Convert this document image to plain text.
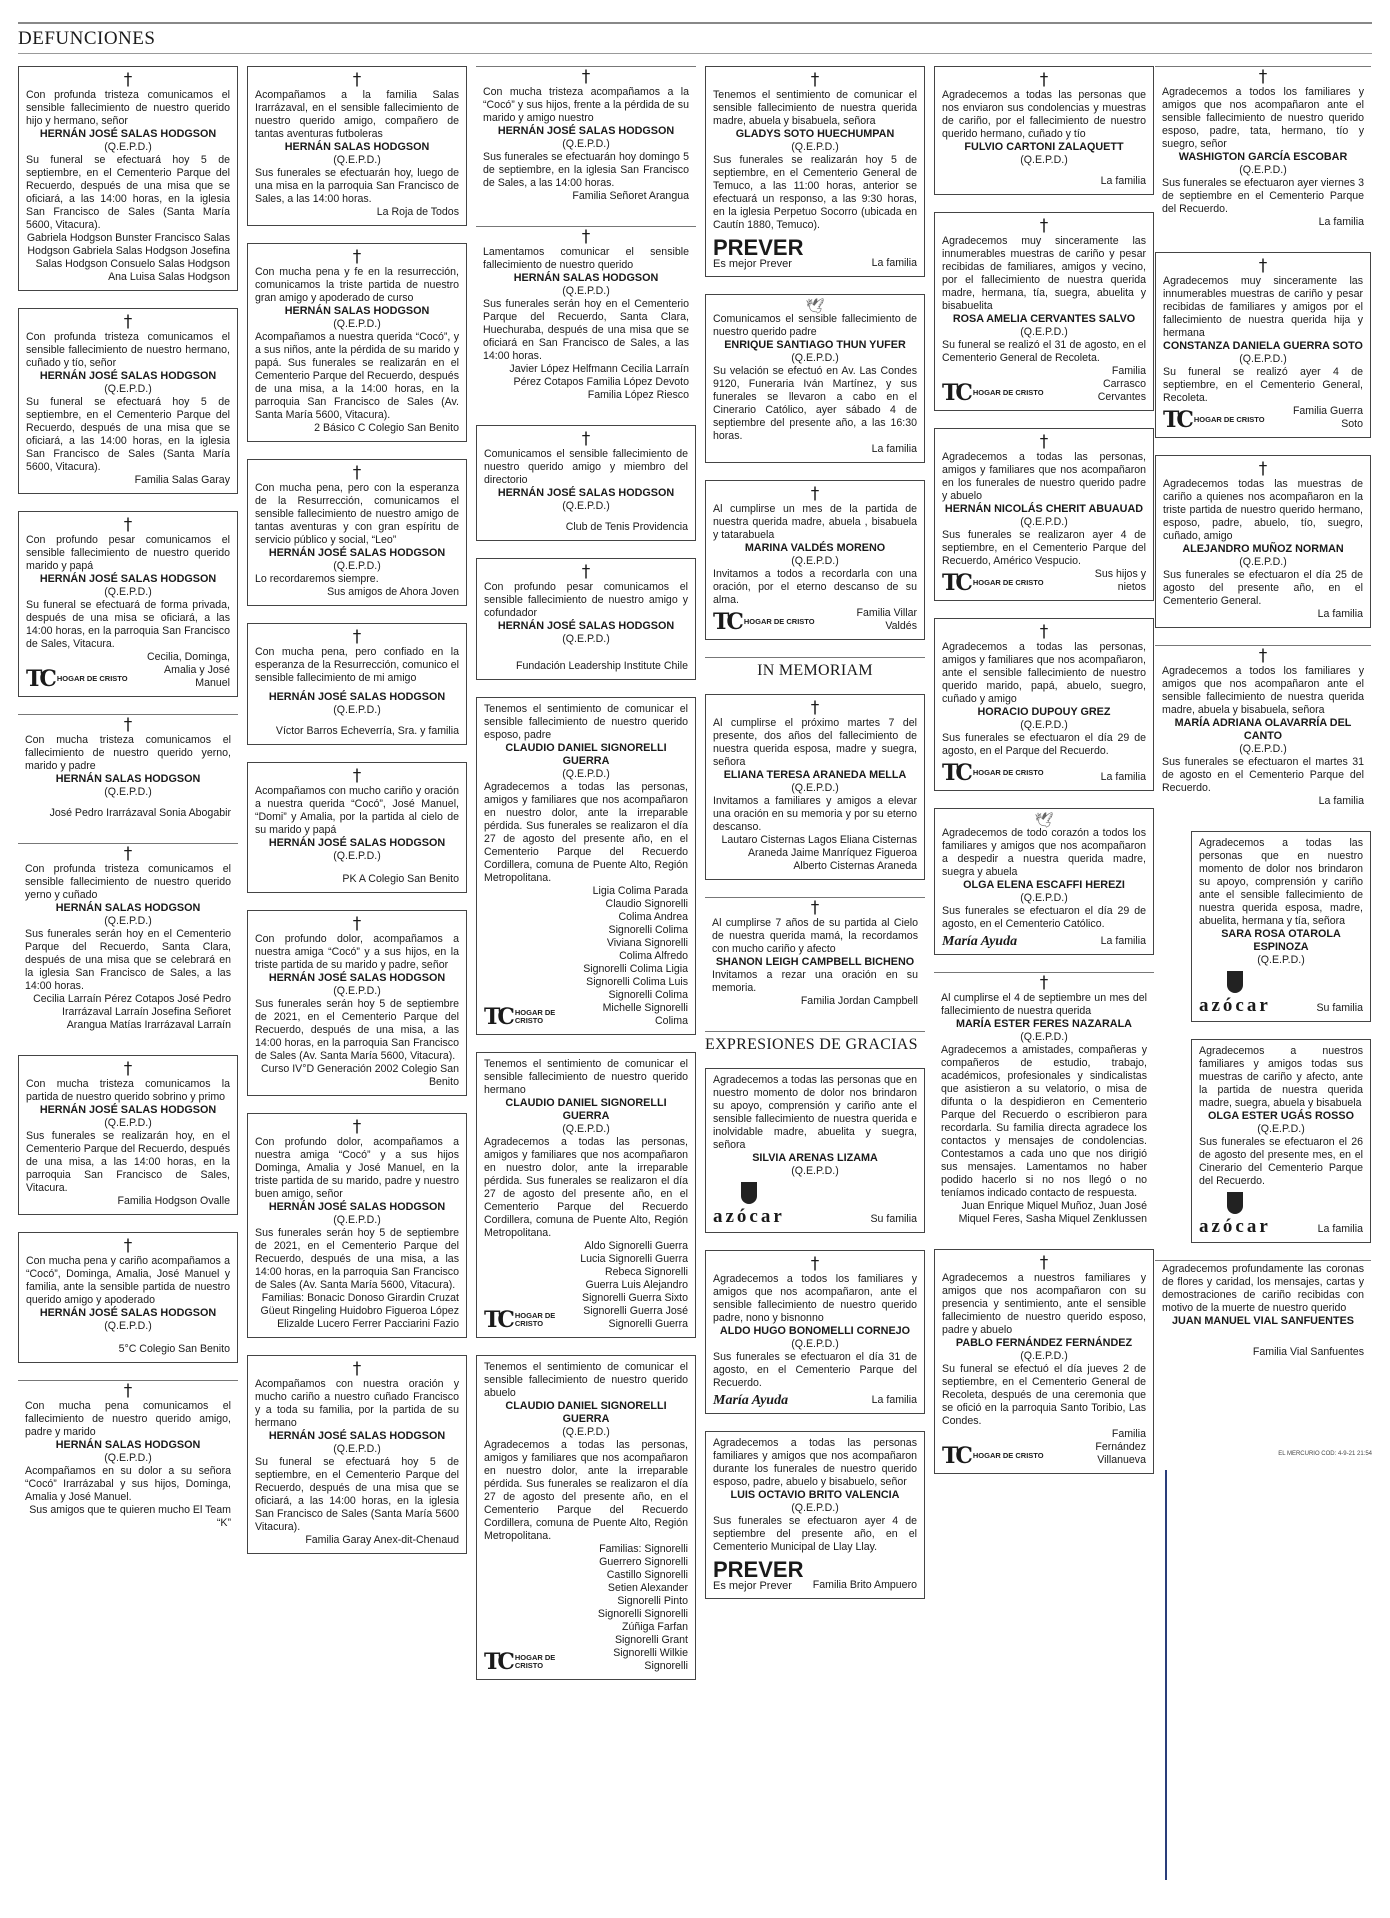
DEFUNCIONES
†
Con profunda tristeza comunicamos el sensible fallecimiento de nuestro querido hijo y hermano, señor
HERNÁN JOSÉ SALAS HODGSON
(Q.E.P.D.)
Su funeral se efectuará hoy 5 de septiembre, en el Cementerio Parque del Recuerdo, después de una misa que se oficiará, a las 14:00 horas, en la iglesia San Francisco de Sales (Santa María 5600, Vitacura).
Gabriela Hodgson Bunster Francisco Salas Hodgson Gabriela Salas Hodgson Josefina Salas Hodgson Consuelo Salas Hodgson Ana Luisa Salas Hodgson
†
Con profunda tristeza comunicamos el sensible fallecimiento de nuestro hermano, cuñado y tío, señor
HERNÁN JOSÉ SALAS HODGSON
(Q.E.P.D.)
Su funeral se efectuará hoy 5 de septiembre, en el Cementerio Parque del Recuerdo, después de una misa que se oficiará, a las 14:00 horas, en la iglesia San Francisco de Sales (Santa María 5600, Vitacura).
Familia Salas Garay
†
Con profundo pesar comunicamos el sensible fallecimiento de nuestro querido marido y papá
HERNÁN JOSÉ SALAS HODGSON
(Q.E.P.D.)
Su funeral se efectuará de forma privada, después de una misa se oficiará, a las 14:00 horas, en la parroquia San Francisco de Sales, Vitacura.
TC HOGAR DE CRISTO
Cecilia, Dominga, Amalia y José Manuel
†
Con mucha tristeza comunicamos el fallecimiento de nuestro querido yerno, marido y padre
HERNÁN SALAS HODGSON
(Q.E.P.D.)
José Pedro Irarrázaval Sonia Abogabir
†
Con profunda tristeza comunicamos el sensible fallecimiento de nuestro querido yerno y cuñado
HERNÁN SALAS HODGSON
(Q.E.P.D.)
Sus funerales serán hoy en el Cementerio Parque del Recuerdo, Santa Clara, después de una misa que se celebrará en la iglesia San Francisco de Sales, a las 14:00 horas.
Cecilia Larraín Pérez Cotapos José Pedro Irarrázaval Larraín Josefina Señoret Arangua Matías Irarrázaval Larraín
†
Con mucha tristeza comunicamos la partida de nuestro querido sobrino y primo
HERNÁN JOSÉ SALAS HODGSON
(Q.E.P.D.)
Sus funerales se realizarán hoy, en el Cementerio Parque del Recuerdo, después de una misa, a las 14:00 horas, en la parroquia San Francisco de Sales, Vitacura.
Familia Hodgson Ovalle
†
Con mucha pena y cariño acompañamos a “Cocó”, Dominga, Amalia, José Manuel y familia, ante la sensible partida de nuestro querido amigo y apoderado
HERNÁN JOSÉ SALAS HODGSON
(Q.E.P.D.)
5°C Colegio San Benito
†
Con mucha pena comunicamos el fallecimiento de nuestro querido amigo, padre y marido
HERNÁN SALAS HODGSON
(Q.E.P.D.)
Acompañamos en su dolor a su señora “Cocó” Irarrázabal y sus hijos, Dominga, Amalia y José Manuel.
Sus amigos que te quieren mucho El Team “K”
†
Acompañamos a la familia Salas Irarrázaval, en el sensible fallecimiento de nuestro querido amigo, compañero de tantas aventuras futboleras
HERNÁN SALAS HODGSON
(Q.E.P.D.)
Sus funerales se efectuarán hoy, luego de una misa en la parroquia San Francisco de Sales, a las 14:00 horas.
La Roja de Todos
†
Con mucha pena y fe en la resurrección, comunicamos la triste partida de nuestro gran amigo y apoderado de curso
HERNÁN SALAS HODGSON
(Q.E.P.D.)
Acompañamos a nuestra querida “Cocó”, y a sus niños, ante la pérdida de su marido y papá. Sus funerales se realizarán en el Cementerio Parque del Recuerdo, después de una misa, a la 14:00 horas, en la parroquia San Francisco de Sales (Av. Santa María 5600, Vitacura).
2 Básico C Colegio San Benito
†
Con mucha pena, pero con la esperanza de la Resurrección, comunicamos el sensible fallecimiento de nuestro amigo de tantas aventuras y con gran espíritu de servicio público y social, “Leo”
HERNÁN JOSÉ SALAS HODGSON
(Q.E.P.D.)
Lo recordaremos siempre.
Sus amigos de Ahora Joven
†
Con mucha pena, pero confiado en la esperanza de la Resurrección, comunico el sensible fallecimiento de mi amigo
HERNÁN JOSÉ SALAS HODGSON
(Q.E.P.D.)
Víctor Barros Echeverría, Sra. y familia
†
Acompañamos con mucho cariño y oración a nuestra querida “Cocó”, José Manuel, “Domi” y Amalia, por la partida al cielo de su marido y papá
HERNÁN JOSÉ SALAS HODGSON
(Q.E.P.D.)
PK A Colegio San Benito
†
Con profundo dolor, acompañamos a nuestra amiga “Cocó” y a sus hijos, en la triste partida de su marido y padre, señor
HERNÁN JOSÉ SALAS HODGSON
(Q.E.P.D.)
Sus funerales serán hoy 5 de septiembre de 2021, en el Cementerio Parque del Recuerdo, después de una misa, a las 14:00 horas, en la parroquia San Francisco de Sales (Av. Santa María 5600, Vitacura).
Curso IV°D Generación 2002 Colegio San Benito
†
Con profundo dolor, acompañamos a nuestra amiga “Cocó” y a sus hijos Dominga, Amalia y José Manuel, en la triste partida de su marido, padre y nuestro buen amigo, señor
HERNÁN JOSÉ SALAS HODGSON
(Q.E.P.D.)
Sus funerales serán hoy 5 de septiembre de 2021, en el Cementerio Parque del Recuerdo, después de una misa, a las 14:00 horas, en la parroquia San Francisco de Sales (Av. Santa María 5600, Vitacura).
Familias: Bonacic Donoso Girardin Cruzat Güeut Ringeling Huidobro Figueroa López Elizalde Lucero Ferrer Pacciarini Fazio
†
Acompañamos con nuestra oración y mucho cariño a nuestro cuñado Francisco y a toda su familia, por la partida de su hermano
HERNÁN JOSÉ SALAS HODGSON
(Q.E.P.D.)
Su funeral se efectuará hoy 5 de septiembre, en el Cementerio Parque del Recuerdo, después de una misa que se oficiará, a las 14:00 horas, en la iglesia San Francisco de Sales (Santa María 5600 Vitacura).
Familia Garay Anex-dit-Chenaud
†
Con mucha tristeza acompañamos a la “Cocó” y sus hijos, frente a la pérdida de su marido y amigo nuestro
HERNÁN JOSÉ SALAS HODGSON
(Q.E.P.D.)
Sus funerales se efectuarán hoy domingo 5 de septiembre, en la iglesia San Francisco de Sales, a las 14:00 horas.
Familia Señoret Arangua
†
Lamentamos comunicar el sensible fallecimiento de nuestro querido
HERNÁN SALAS HODGSON
(Q.E.P.D.)
Sus funerales serán hoy en el Cementerio Parque del Recuerdo, Santa Clara, Huechuraba, después de una misa que se oficiará en San Francisco de Sales, a las 14:00 horas.
Javier López Helfmann Cecilia Larraín Pérez Cotapos Familia López Devoto Familia López Riesco
†
Comunicamos el sensible fallecimiento de nuestro querido amigo y miembro del directorio
HERNÁN JOSÉ SALAS HODGSON
(Q.E.P.D.)
Club de Tenis Providencia
†
Con profundo pesar comunicamos el sensible fallecimiento de nuestro amigo y cofundador
HERNÁN JOSÉ SALAS HODGSON
(Q.E.P.D.)
Fundación Leadership Institute Chile
Tenemos el sentimiento de comunicar el sensible fallecimiento de nuestro querido esposo, padre
CLAUDIO DANIEL SIGNORELLI GUERRA
(Q.E.P.D.)
Agradecemos a todas las personas, amigos y familiares que nos acompañaron en nuestro dolor, ante la irreparable pérdida. Sus funerales se realizaron el día 27 de agosto del presente año, en el Cementerio Parque del Recuerdo Cordillera, comuna de Puente Alto, Región Metropolitana.
TC HOGAR DE CRISTO
Ligia Colima Parada Claudio Signorelli Colima Andrea Signorelli Colima Viviana Signorelli Colima Alfredo Signorelli Colima Ligia Signorelli Colima Luis Signorelli Colima Michelle Signorelli Colima
Tenemos el sentimiento de comunicar el sensible fallecimiento de nuestro querido hermano
CLAUDIO DANIEL SIGNORELLI GUERRA
(Q.E.P.D.)
Agradecemos a todas las personas, amigos y familiares que nos acompañaron en nuestro dolor, ante la irreparable pérdida. Sus funerales se realizaron el día 27 de agosto del presente año, en el Cementerio Parque del Recuerdo Cordillera, comuna de Puente Alto, Región Metropolitana.
TC HOGAR DE CRISTO
Aldo Signorelli Guerra Lucia Signorelli Guerra Rebeca Signorelli Guerra Luis Alejandro Signorelli Guerra Sixto Signorelli Guerra José Signorelli Guerra
Tenemos el sentimiento de comunicar el sensible fallecimiento de nuestro querido abuelo
CLAUDIO DANIEL SIGNORELLI GUERRA
(Q.E.P.D.)
Agradecemos a todas las personas, amigos y familiares que nos acompañaron en nuestro dolor, ante la irreparable pérdida. Sus funerales se realizaron el día 27 de agosto del presente año, en el Cementerio Parque del Recuerdo Cordillera, comuna de Puente Alto, Región Metropolitana.
TC HOGAR DE CRISTO
Familias: Signorelli Guerrero Signorelli Castillo Signorelli Setien Alexander Signorelli Pinto Signorelli Signorelli Zúñiga Farfan Signorelli Grant Signorelli Wilkie Signorelli
†
Tenemos el sentimiento de comunicar el sensible fallecimiento de nuestra querida madre, abuela y bisabuela, señora
GLADYS SOTO HUECHUMPAN
(Q.E.P.D.)
Sus funerales se realizarán hoy 5 de septiembre, en el Cementerio General de Temuco, a las 11:00 horas, anterior se efectuará un responso, a las 9:30 horas, en la iglesia Perpetuo Socorro (ubicada en Cautín 1880, Temuco).
PREVER
Es mejor Prever	La familia
🕊
Comunicamos el sensible fallecimiento de nuestro querido padre
ENRIQUE SANTIAGO THUN YUFER
(Q.E.P.D.)
Su velación se efectuó en Av. Las Condes 9120, Funeraria Iván Martínez, y sus funerales se llevaron a cabo en el Cinerario Católico, ayer sábado 4 de septiembre del presente año, a las 16:30 horas.
La familia
†
Al cumplirse un mes de la partida de nuestra querida madre, abuela , bisabuela y tatarabuela
MARINA VALDÉS MORENO
(Q.E.P.D.)
Invitamos a todos a recordarla con una oración, por el eterno descanso de su alma.
TC HOGAR DE CRISTO
Familia Villar Valdés
IN MEMORIAM
†
Al cumplirse el próximo martes 7 del presente, dos años del fallecimiento de nuestra querida esposa, madre y suegra, señora
ELIANA TERESA ARANEDA MELLA
(Q.E.P.D.)
Invitamos a familiares y amigos a elevar una oración en su memoria y por su eterno descanso.
Lautaro Cisternas Lagos Eliana Cisternas Araneda Jaime Manríquez Figueroa Alberto Cisternas Araneda
†
Al cumplirse 7 años de su partida al Cielo de nuestra querida mamá, la recordamos con mucho cariño y afecto
SHANON LEIGH CAMPBELL BICHENO
Invitamos a rezar una oración en su memoria.
Familia Jordan Campbell
EXPRESIONES DE GRACIAS
Agradecemos a todas las personas que en nuestro momento de dolor nos brindaron su apoyo, comprensión y cariño ante el sensible fallecimiento de nuestra querida e inolvidable madre, abuelita y suegra, señora
SILVIA ARENAS LIZAMA
(Q.E.P.D.)
azócar	Su familia
†
Agradecemos a todos los familiares y amigos que nos acompañaron, ante el sensible fallecimiento de nuestro querido padre, nono y bisnonno
ALDO HUGO BONOMELLI CORNEJO
(Q.E.P.D.)
Sus funerales se efectuaron el día 31 de agosto, en el Cementerio Parque del Recuerdo.
María Ayuda	La familia
Agradecemos a todas las personas familiares y amigos que nos acompañaron durante los funerales de nuestro querido esposo, padre, abuelo y bisabuelo, señor
LUIS OCTAVIO BRITO VALENCIA
(Q.E.P.D.)
Sus funerales se efectuaron ayer 4 de septiembre del presente año, en el Cementerio Municipal de Llay Llay.
PREVER
Es mejor Prever	Familia Brito Ampuero
†
Agradecemos a todas las personas que nos enviaron sus condolencias y muestras de cariño, por el fallecimiento de nuestro querido hermano, cuñado y tío
FULVIO CARTONI ZALAQUETT
(Q.E.P.D.)
La familia
†
Agradecemos muy sinceramente las innumerables muestras de cariño y pesar recibidas de familiares, amigos y vecino, por el fallecimiento de nuestra querida madre, hermana, tía, suegra, abuelita y bisabuelita
ROSA AMELIA CERVANTES SALVO
(Q.E.P.D.)
Su funeral se realizó el 31 de agosto, en el Cementerio General de Recoleta.
TC HOGAR DE CRISTO
Familia Carrasco Cervantes
†
Agradecemos a todas las personas, amigos y familiares que nos acompañaron en los funerales de nuestro querido padre y abuelo
HERNÁN NICOLÁS CHERIT ABUAUAD
(Q.E.P.D.)
Sus funerales se realizaron ayer 4 de septiembre, en el Cementerio Parque del Recuerdo, Américo Vespucio.
TC HOGAR DE CRISTO
Sus hijos y nietos
†
Agradecemos a todas las personas, amigos y familiares que nos acompañaron, ante el sensible fallecimiento de nuestro querido marido, papá, abuelo, suegro, cuñado y amigo
HORACIO DUPOUY GREZ
(Q.E.P.D.)
Sus funerales se efectuaron el día 29 de agosto, en el Parque del Recuerdo.
TC HOGAR DE CRISTO	La familia
🕊
Agradecemos de todo corazón a todos los familiares y amigos que nos acompañaron a despedir a nuestra querida madre, suegra y abuela
OLGA ELENA ESCAFFI HEREZI
(Q.E.P.D.)
Sus funerales se efectuaron el día 29 de agosto, en el Cementerio Católico.
María Ayuda	La familia
†
Al cumplirse el 4 de septiembre un mes del fallecimiento de nuestra querida
MARÍA ESTER FERES NAZARALA
(Q.E.P.D.)
Agradecemos a amistades, compañeras y compañeros de estudio, trabajo, académicos, profesionales y sindicalistas que asistieron a su velatorio, o misa de difunta o la despidieron en Cementerio Parque del Recuerdo o escribieron para recordarla. Su familia directa agradece los contactos y mensajes de condolencias. Contestamos a cada uno que nos dirigió sus mensajes. Lamentamos no haber podido hacerlo si no nos llegó o no teníamos indicado contacto de respuesta.
Juan Enrique Miquel Muñoz, Juan José Miquel Feres, Sasha Miquel Zenklussen
†
Agradecemos a nuestros familiares y amigos que nos acompañaron con su presencia y sentimiento, ante el sensible fallecimiento de nuestro querido esposo, padre y abuelo
PABLO FERNÁNDEZ FERNÁNDEZ
(Q.E.P.D.)
Su funeral se efectuó el día jueves 2 de septiembre, en el Cementerio General de Recoleta, después de una ceremonia que se ofició en la parroquia Santo Toribio, Las Condes.
TC HOGAR DE CRISTO
Familia Fernández Villanueva
†
Agradecemos a todos los familiares y amigos que nos acompañaron ante el sensible fallecimiento de nuestro querido esposo, padre, tata, hermano, tío y suegro, señor
WASHIGTON GARCÍA ESCOBAR
(Q.E.P.D.)
Sus funerales se efectuaron ayer viernes 3 de septiembre en el Cementerio Parque del Recuerdo.
La familia
†
Agradecemos muy sinceramente las innumerables muestras de cariño y pesar recibidas de familiares y amigos por el fallecimiento de nuestra querida hija y hermana
CONSTANZA DANIELA GUERRA SOTO
(Q.E.P.D.)
Su funeral se realizó ayer 4 de septiembre, en el Cementerio General, Recoleta.
TC HOGAR DE CRISTO
Familia Guerra Soto
†
Agradecemos todas las muestras de cariño a quienes nos acompañaron en la triste partida de nuestro querido hermano, esposo, padre, abuelo, tío, suegro, cuñado, amigo
ALEJANDRO MUÑOZ NORMAN
(Q.E.P.D.)
Sus funerales se efectuaron el día 25 de agosto del presente año, en el Cementerio General.
La familia
†
Agradecemos a todos los familiares y amigos que nos acompañaron ante el sensible fallecimiento de nuestra querida madre, abuela y bisabuela, señora
MARÍA ADRIANA OLAVARRÍA DEL CANTO
(Q.E.P.D.)
Sus funerales se efectuaron el martes 31 de agosto en el Cementerio Parque del Recuerdo.
La familia
Agradecemos a todas las personas que en nuestro momento de dolor nos brindaron su apoyo, comprensión y cariño ante el sensible fallecimiento de nuestra querida esposa, madre, abuelita, hermana y tía, señora
SARA ROSA OTAROLA ESPINOZA
(Q.E.P.D.)
azócar	Su familia
Agradecemos a nuestros familiares y amigos todas sus muestras de cariño y afecto, ante la partida de nuestra querida madre, suegra, abuela y bisabuela
OLGA ESTER UGÁS ROSSO
(Q.E.P.D.)
Sus funerales se efectuaron el 26 de agosto del presente mes, en el Cinerario del Cementerio Parque del Recuerdo.
azócar	La familia
Agradecemos profundamente las coronas de flores y caridad, los mensajes, cartas y demostraciones de cariño recibidas con motivo de la muerte de nuestro querido
JUAN MANUEL VIAL SANFUENTES
Familia Vial Sanfuentes
EL MERCURIO COD: 4-9-21 21:54
